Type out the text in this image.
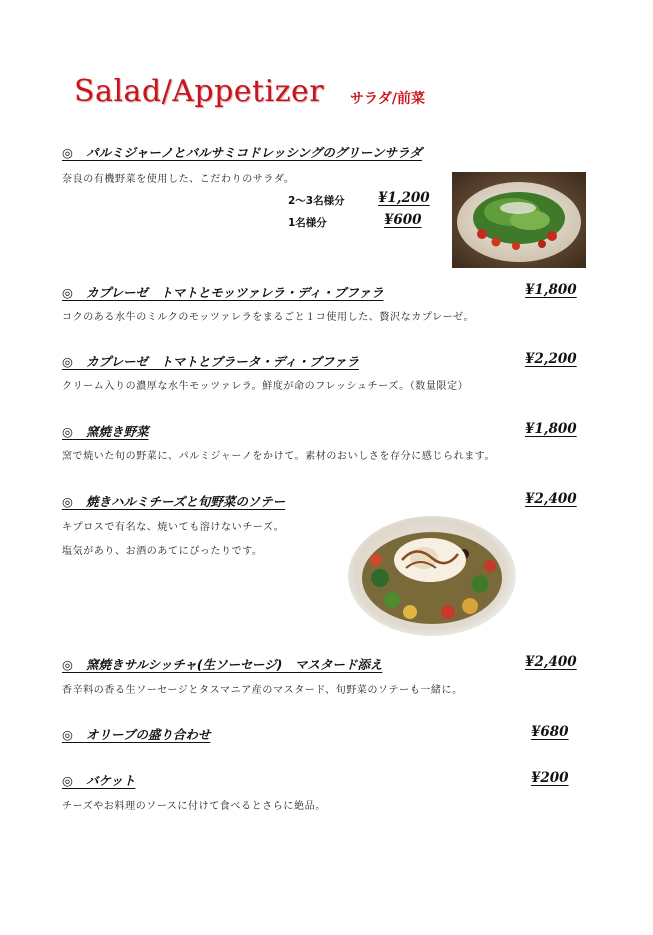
Salad/Appetizer サラダ/前菜
◎ パルミジャーノとバルサミコドレッシングのグリーンサラダ
奈良の有機野菜を使用した、こだわりのサラダ。
2〜3名様分 ¥1,200
1名様分	¥600
◎ カプレーゼ　トマトとモッツァレラ・ディ・ブファラ	¥1,800
コクのある水牛のミルクのモッツァレラをまるごと１コ使用した、贅沢なカプレーゼ。
◎ カプレーゼ　トマトとブラータ・ディ・ブファラ	¥2,200
クリーム入りの濃厚な水牛モッツァレラ。鮮度が命のフレッシュチーズ。（数量限定）
◎ 窯焼き野菜	¥1,800
窯で焼いた旬の野菜に、パルミジャーノをかけて。素材のおいしさを存分に感じられます。
◎ 焼きハルミチーズと旬野菜のソテー	¥2,400
キプロスで有名な、焼いても溶けないチーズ。
塩気があり、お酒のあてにぴったりです。
◎ 窯焼きサルシッチャ(生ソーセージ)　マスタード添え	¥2,400
香辛料の香る生ソーセージとタスマニア産のマスタード、旬野菜のソテーも一緒に。
◎ オリーブの盛り合わせ	¥680
◎ バケット	¥200
チーズやお料理のソースに付けて食べるとさらに絶品。
